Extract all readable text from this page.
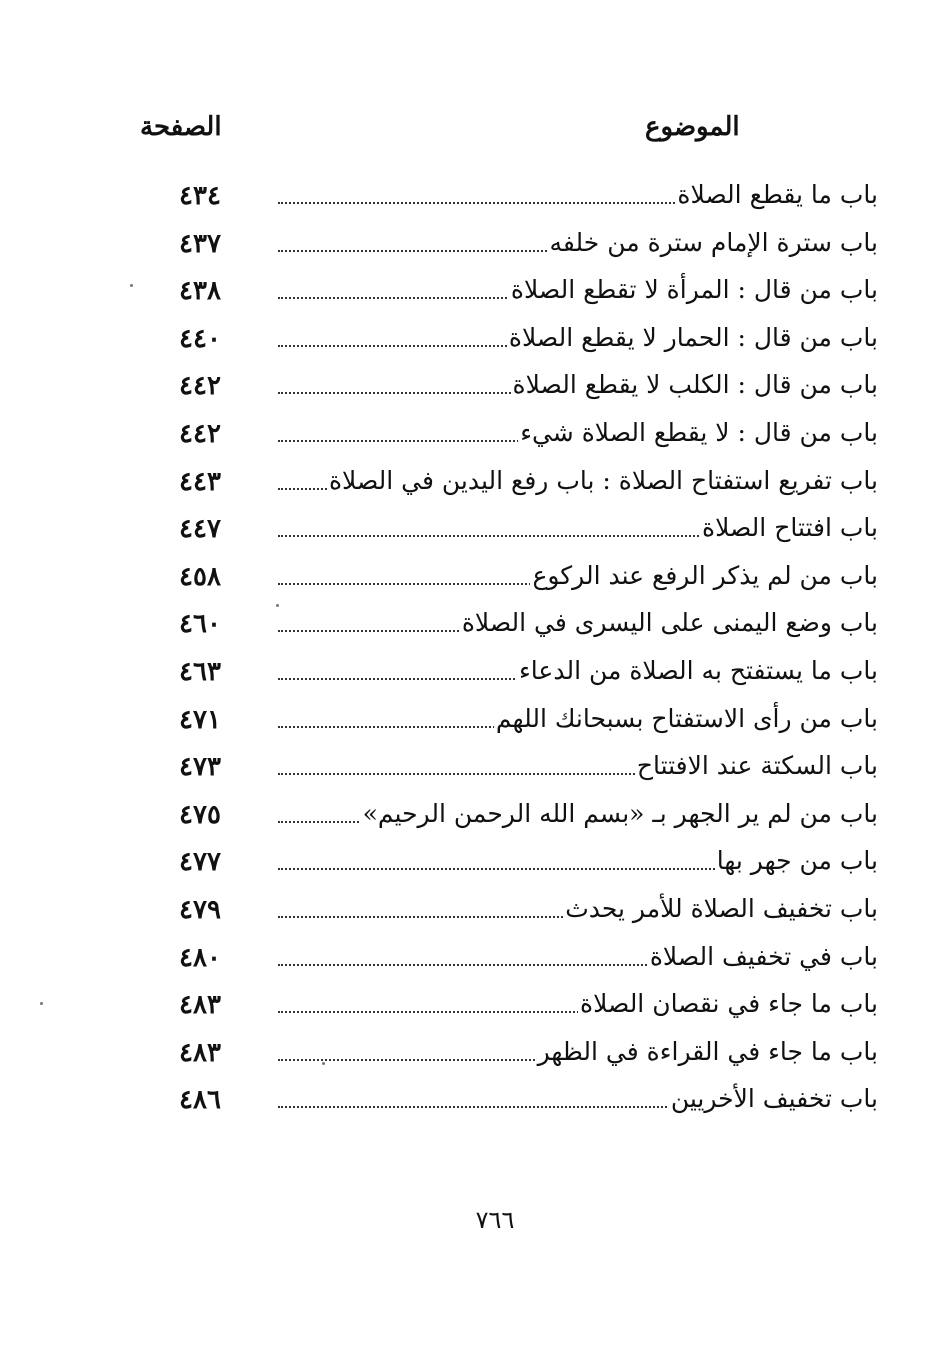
الموضوع
الصفحة
باب ما يقطع الصلاة
٤٣٤
باب سترة الإمام سترة من خلفه
٤٣٧
باب من قال : المرأة لا تقطع الصلاة
٤٣٨
باب من قال : الحمار لا يقطع الصلاة
٤٤٠
باب من قال : الكلب لا يقطع الصلاة
٤٤٢
باب من قال : لا يقطع الصلاة شيء
٤٤٢
باب تفريع استفتاح الصلاة : باب رفع اليدين في الصلاة
٤٤٣
باب افتتاح الصلاة
٤٤٧
باب من لم يذكر الرفع عند الركوع
٤٥٨
باب وضع اليمنى على اليسرى في الصلاة
٤٦٠
باب ما يستفتح به الصلاة من الدعاء
٤٦٣
باب من رأى الاستفتاح بسبحانك اللهم
٤٧١
باب السكتة عند الافتتاح
٤٧٣
باب من لم ير الجهر بـ «بسم الله الرحمن الرحيم»
٤٧٥
باب من جهر بها
٤٧٧
باب تخفيف الصلاة للأمر يحدث
٤٧٩
باب في تخفيف الصلاة
٤٨٠
باب ما جاء في نقصان الصلاة
٤٨٣
باب ما جاء في القراءة في الظهر
٤٨٣
باب تخفيف الأخريين
٤٨٦
٧٦٦
